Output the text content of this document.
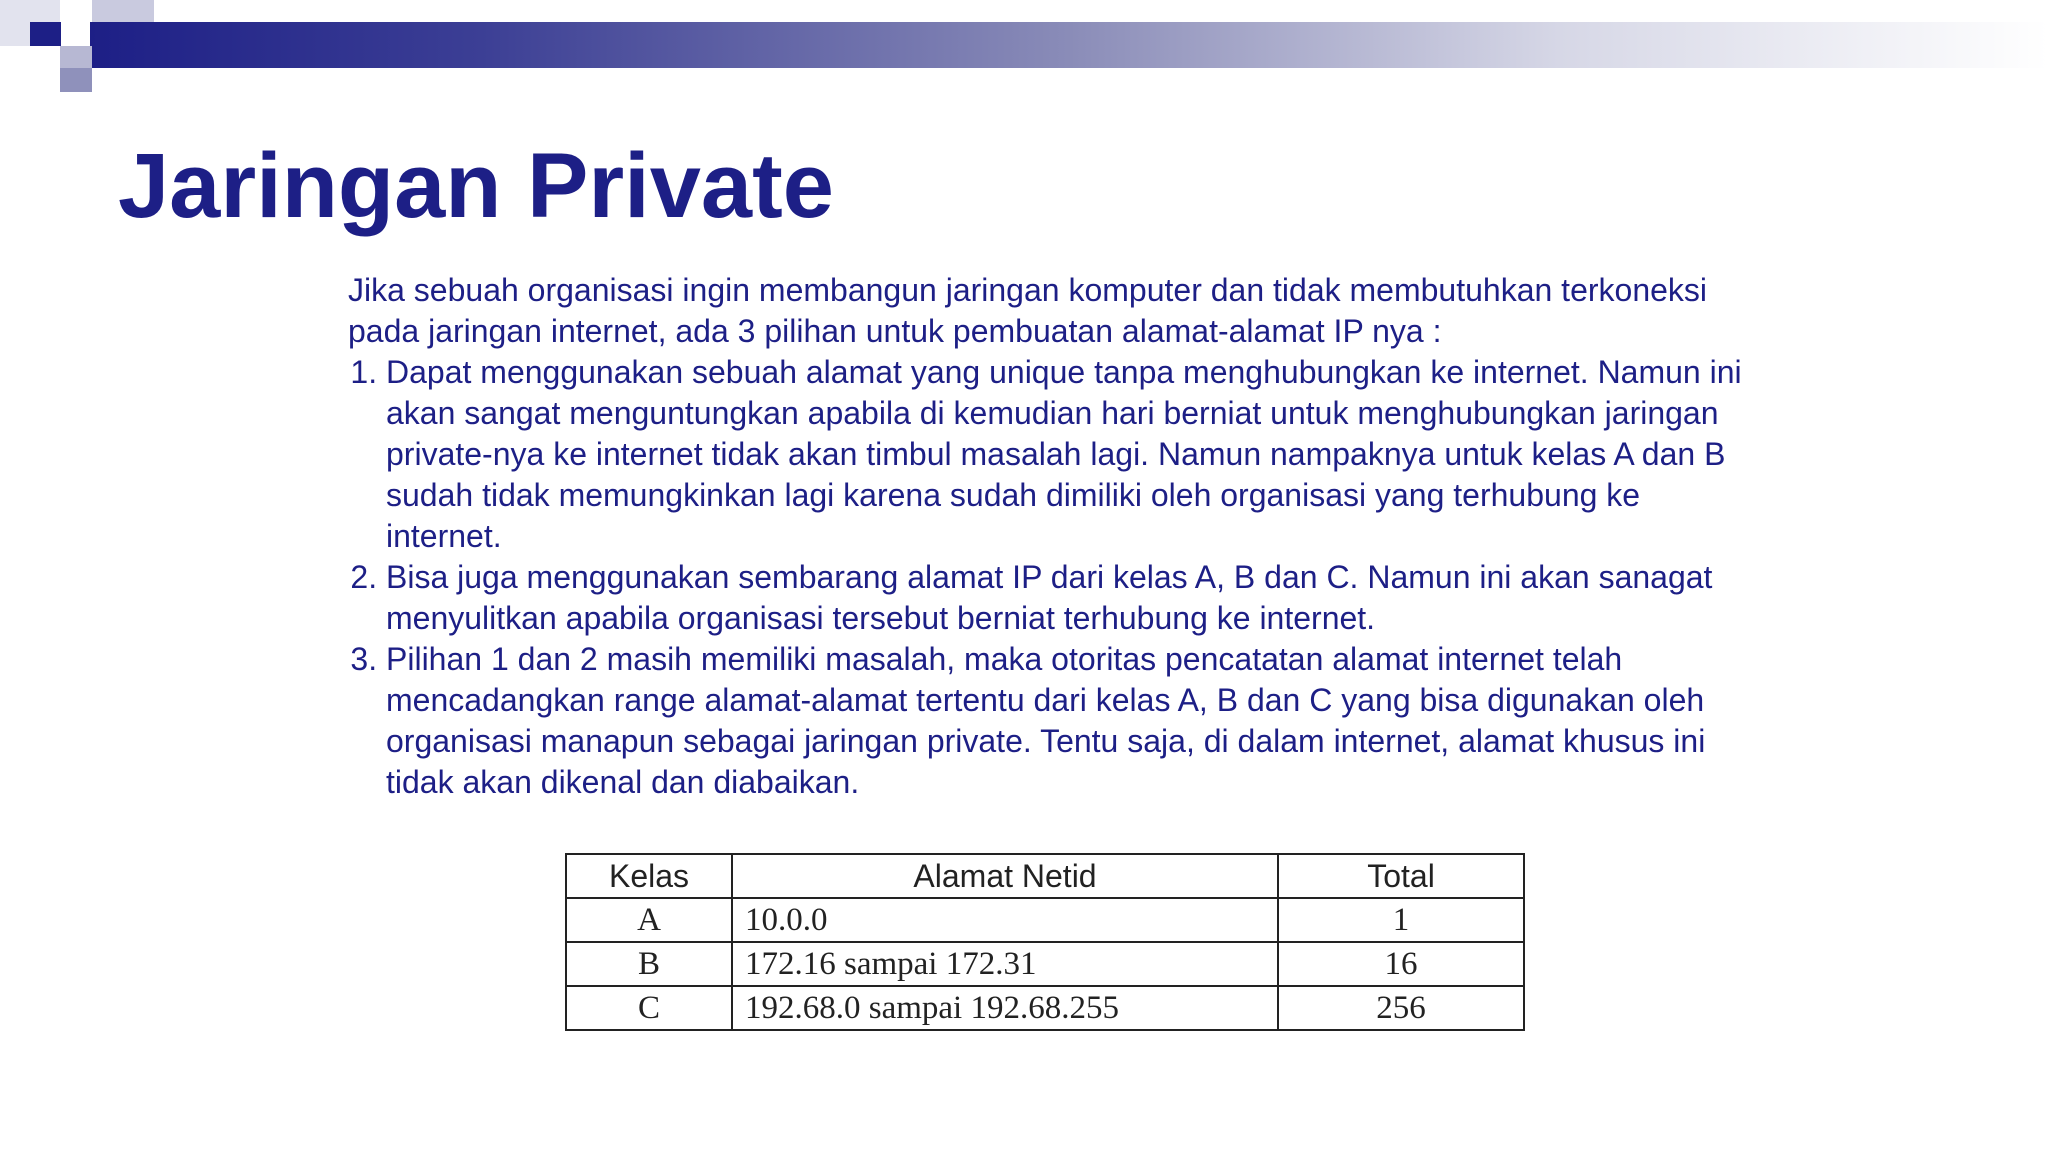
Jaringan Private

Jika sebuah organisasi ingin membangun jaringan komputer dan tidak membutuhkan terkoneksi pada jaringan internet, ada 3 pilihan untuk pembuatan alamat-alamat IP nya :

1. Dapat menggunakan sebuah alamat yang unique tanpa menghubungkan ke internet. Namun ini akan sangat menguntungkan apabila di kemudian hari berniat untuk menghubungkan jaringan private-nya ke internet tidak akan timbul masalah lagi. Namun nampaknya untuk kelas A dan B sudah tidak memungkinkan lagi karena sudah dimiliki oleh organisasi yang terhubung ke internet.
2. Bisa juga menggunakan sembarang alamat IP dari kelas A, B dan C. Namun ini akan sanagat menyulitkan apabila organisasi tersebut berniat terhubung ke internet.
3. Pilihan 1 dan 2 masih memiliki masalah, maka otoritas pencatatan alamat internet telah mencadangkan range alamat-alamat tertentu dari kelas A, B dan C yang bisa digunakan oleh organisasi manapun sebagai jaringan private. Tentu saja, di dalam internet, alamat khusus ini tidak akan dikenal dan diabaikan.
Kelas	Alamat Netid	Total
A	10.0.0	1
B	172.16 sampai 172.31	16
C	192.68.0 sampai 192.68.255	256
